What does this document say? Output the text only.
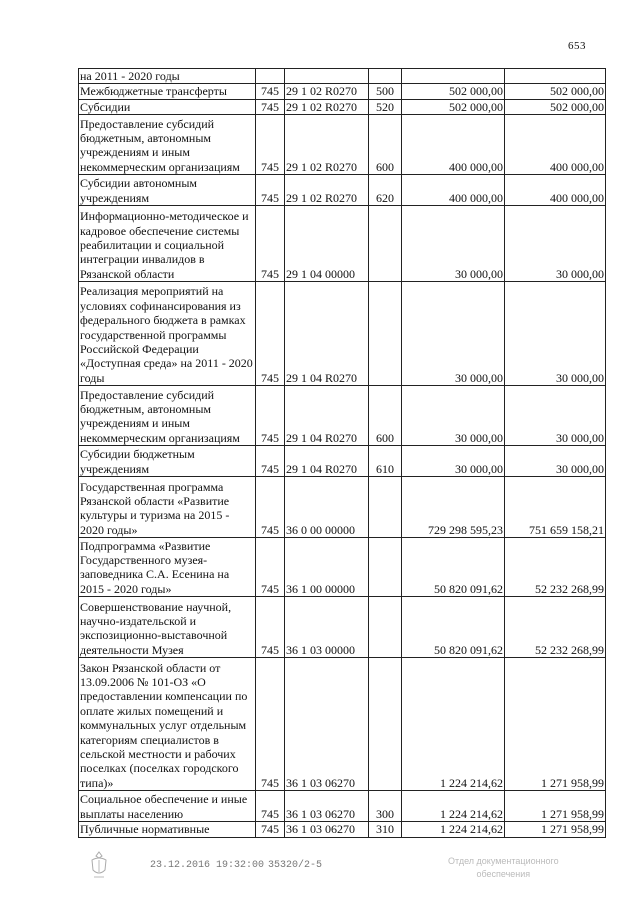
653
на 2011 - 2020 годы					
Межбюджетные трансферты	745	29 1 02 R0270	500	502 000,00	502 000,00
Субсидии	745	29 1 02 R0270	520	502 000,00	502 000,00
Предоставление субсидий бюджетным, автономным учреждениям и иным некоммерческим организациям	745	29 1 02 R0270	600	400 000,00	400 000,00
Субсидии автономным учреждениям	745	29 1 02 R0270	620	400 000,00	400 000,00
Информационно-методическое и кадровое обеспечение системы реабилитации и социальной интеграции инвалидов в Рязанской области	745	29 1 04 00000		30 000,00	30 000,00
Реализация мероприятий на условиях софинансирования из федерального бюджета в рамках государственной программы Российской Федерации «Доступная среда» на 2011 - 2020 годы	745	29 1 04 R0270		30 000,00	30 000,00
Предоставление субсидий бюджетным, автономным учреждениям и иным некоммерческим организациям	745	29 1 04 R0270	600	30 000,00	30 000,00
Субсидии бюджетным учреждениям	745	29 1 04 R0270	610	30 000,00	30 000,00
Государственная программа Рязанской области «Развитие культуры и туризма на 2015 - 2020 годы»	745	36 0 00 00000		729 298 595,23	751 659 158,21
Подпрограмма «Развитие Государственного музея-заповедника С.А. Есенина на 2015 - 2020 годы»	745	36 1 00 00000		50 820 091,62	52 232 268,99
Совершенствование научной, научно-издательской и экспозиционно-выставочной деятельности Музея	745	36 1 03 00000		50 820 091,62	52 232 268,99
Закон Рязанской области от 13.09.2006 № 101-ОЗ «О предоставлении компенсации по оплате жилых помещений и коммунальных услуг отдельным категориям специалистов в сельской местности и рабочих поселках (поселках городского типа)»	745	36 1 03 06270		1 224 214,62	1 271 958,99
Социальное обеспечение и иные выплаты населению	745	36 1 03 06270	300	1 224 214,62	1 271 958,99
Публичные нормативные	745	36 1 03 06270	310	1 224 214,62	1 271 958,99
23.12.2016 19:32:00 35320/2-5	Отдел документационного
обеспечения
